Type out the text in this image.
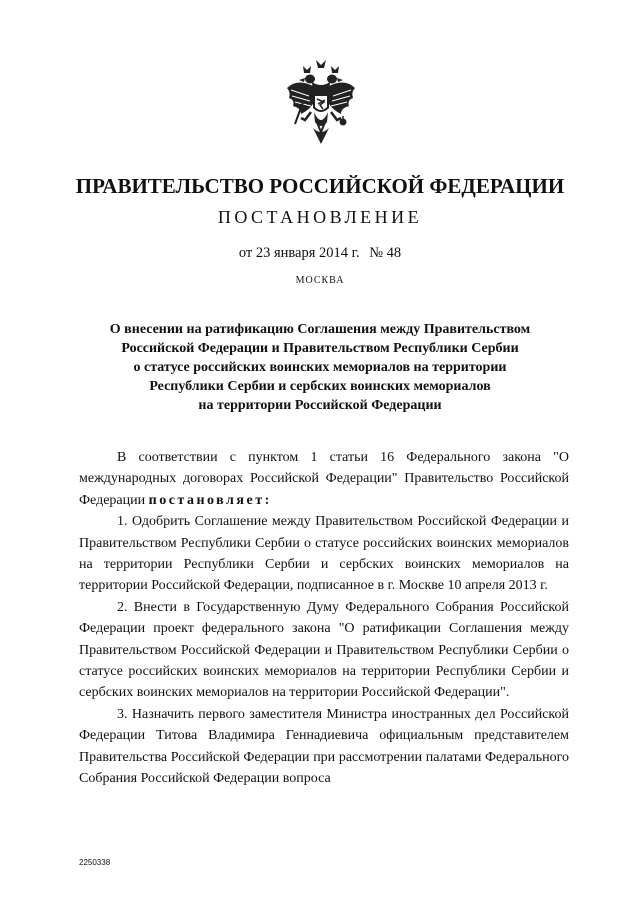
ПРАВИТЕЛЬСТВО РОССИЙСКОЙ ФЕДЕРАЦИИ
ПОСТАНОВЛЕНИЕ
от 23 января 2014 г. № 48
МОСКВА
О внесении на ратификацию Соглашения между Правительством
Российской Федерации и Правительством Республики Сербии
о статусе российских воинских мемориалов на территории
Республики Сербии и сербских воинских мемориалов
на территории Российской Федерации

В соответствии с пунктом 1 статьи 16 Федерального закона "О международных договорах Российской Федерации" Правительство Российской Федерации постановляет:

1. Одобрить Соглашение между Правительством Российской Федерации и Правительством Республики Сербии о статусе российских воинских мемориалов на территории Республики Сербии и сербских воинских мемориалов на территории Российской Федерации, подписанное в г. Москве 10 апреля 2013 г.

2. Внести в Государственную Думу Федерального Собрания Российской Федерации проект федерального закона "О ратификации Соглашения между Правительством Российской Федерации и Правительством Республики Сербии о статусе российских воинских мемориалов на территории Республики Сербии и сербских воинских мемориалов на территории Российской Федерации".

3. Назначить первого заместителя Министра иностранных дел Российской Федерации Титова Владимира Геннадиевича официальным представителем Правительства Российской Федерации при рассмотрении палатами Федерального Собрания Российской Федерации вопроса

2250338
